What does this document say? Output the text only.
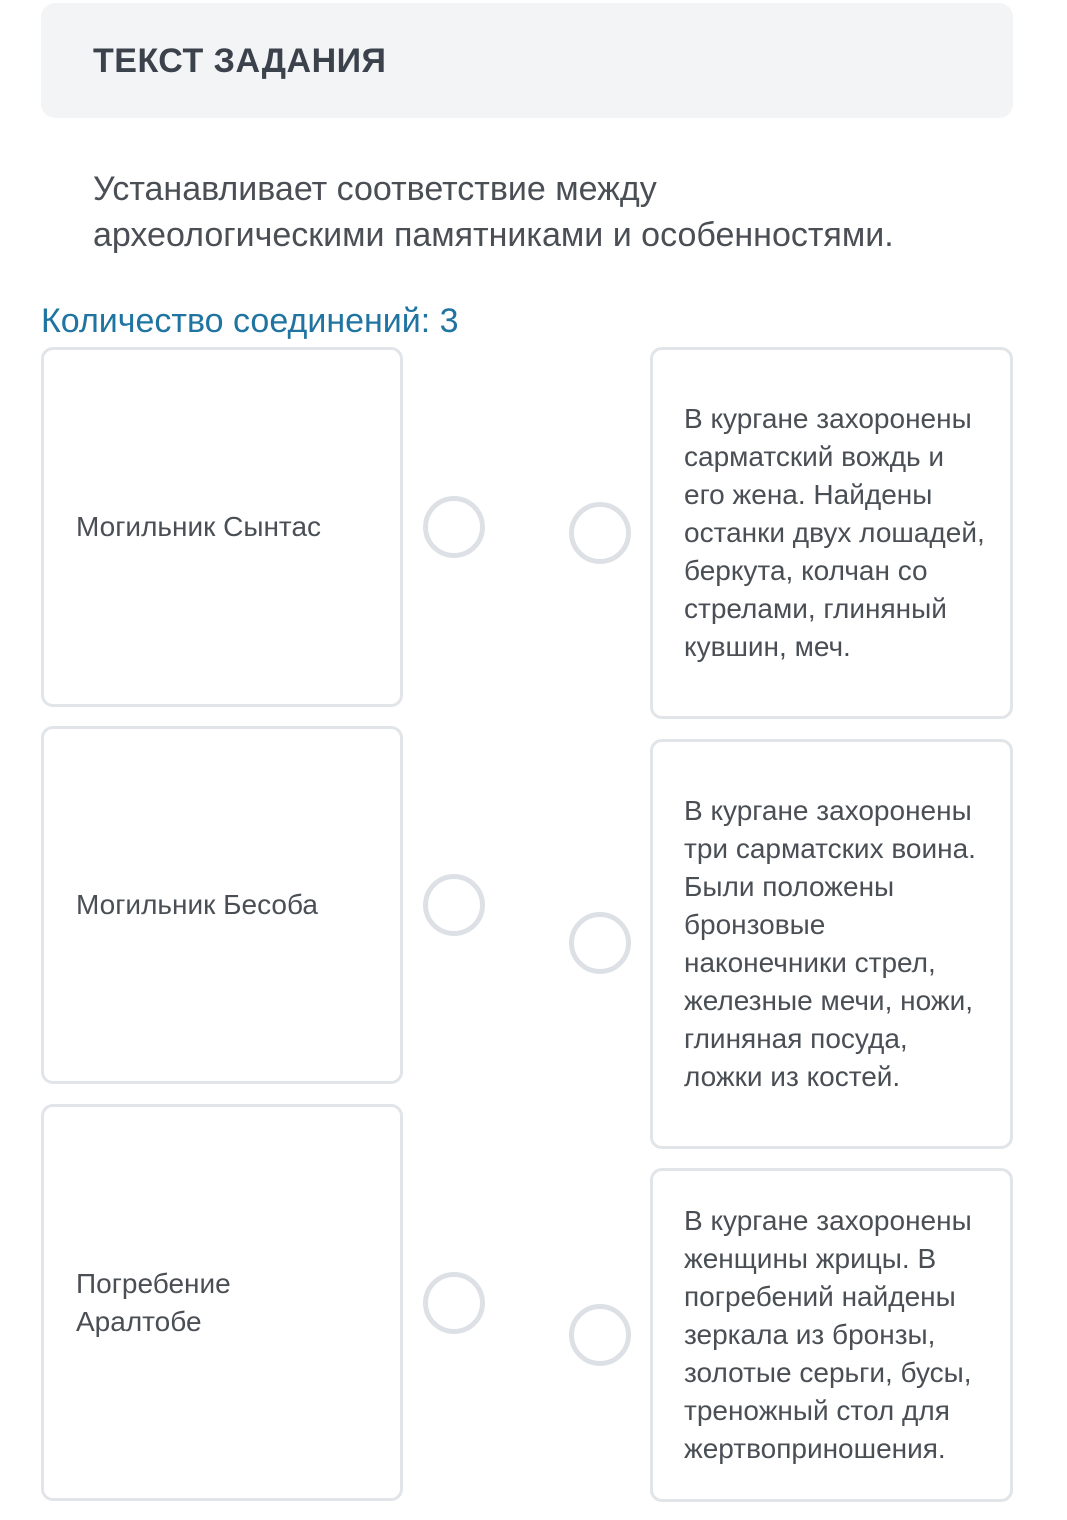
ТЕКСТ ЗАДАНИЯ
Устанавливает соответствие между
археологическими памятниками и особенностями.
Количество соединений: 3
Могильник Сынтас
Могильник Бесоба
Погребение Аралтобе
В кургане захоронены сарматский вождь и его жена. Найдены останки двух лошадей, беркута, колчан со стрелами, глиняный кувшин, меч.
В кургане захоронены три сарматских воина. Были положены бронзовые наконечники стрел, железные мечи, ножи, глиняная посуда, ложки из костей.
В кургане захоронены женщины жрицы. В погребений найдены зеркала из бронзы, золотые серьги, бусы, треножный стол для жертвоприношения.
